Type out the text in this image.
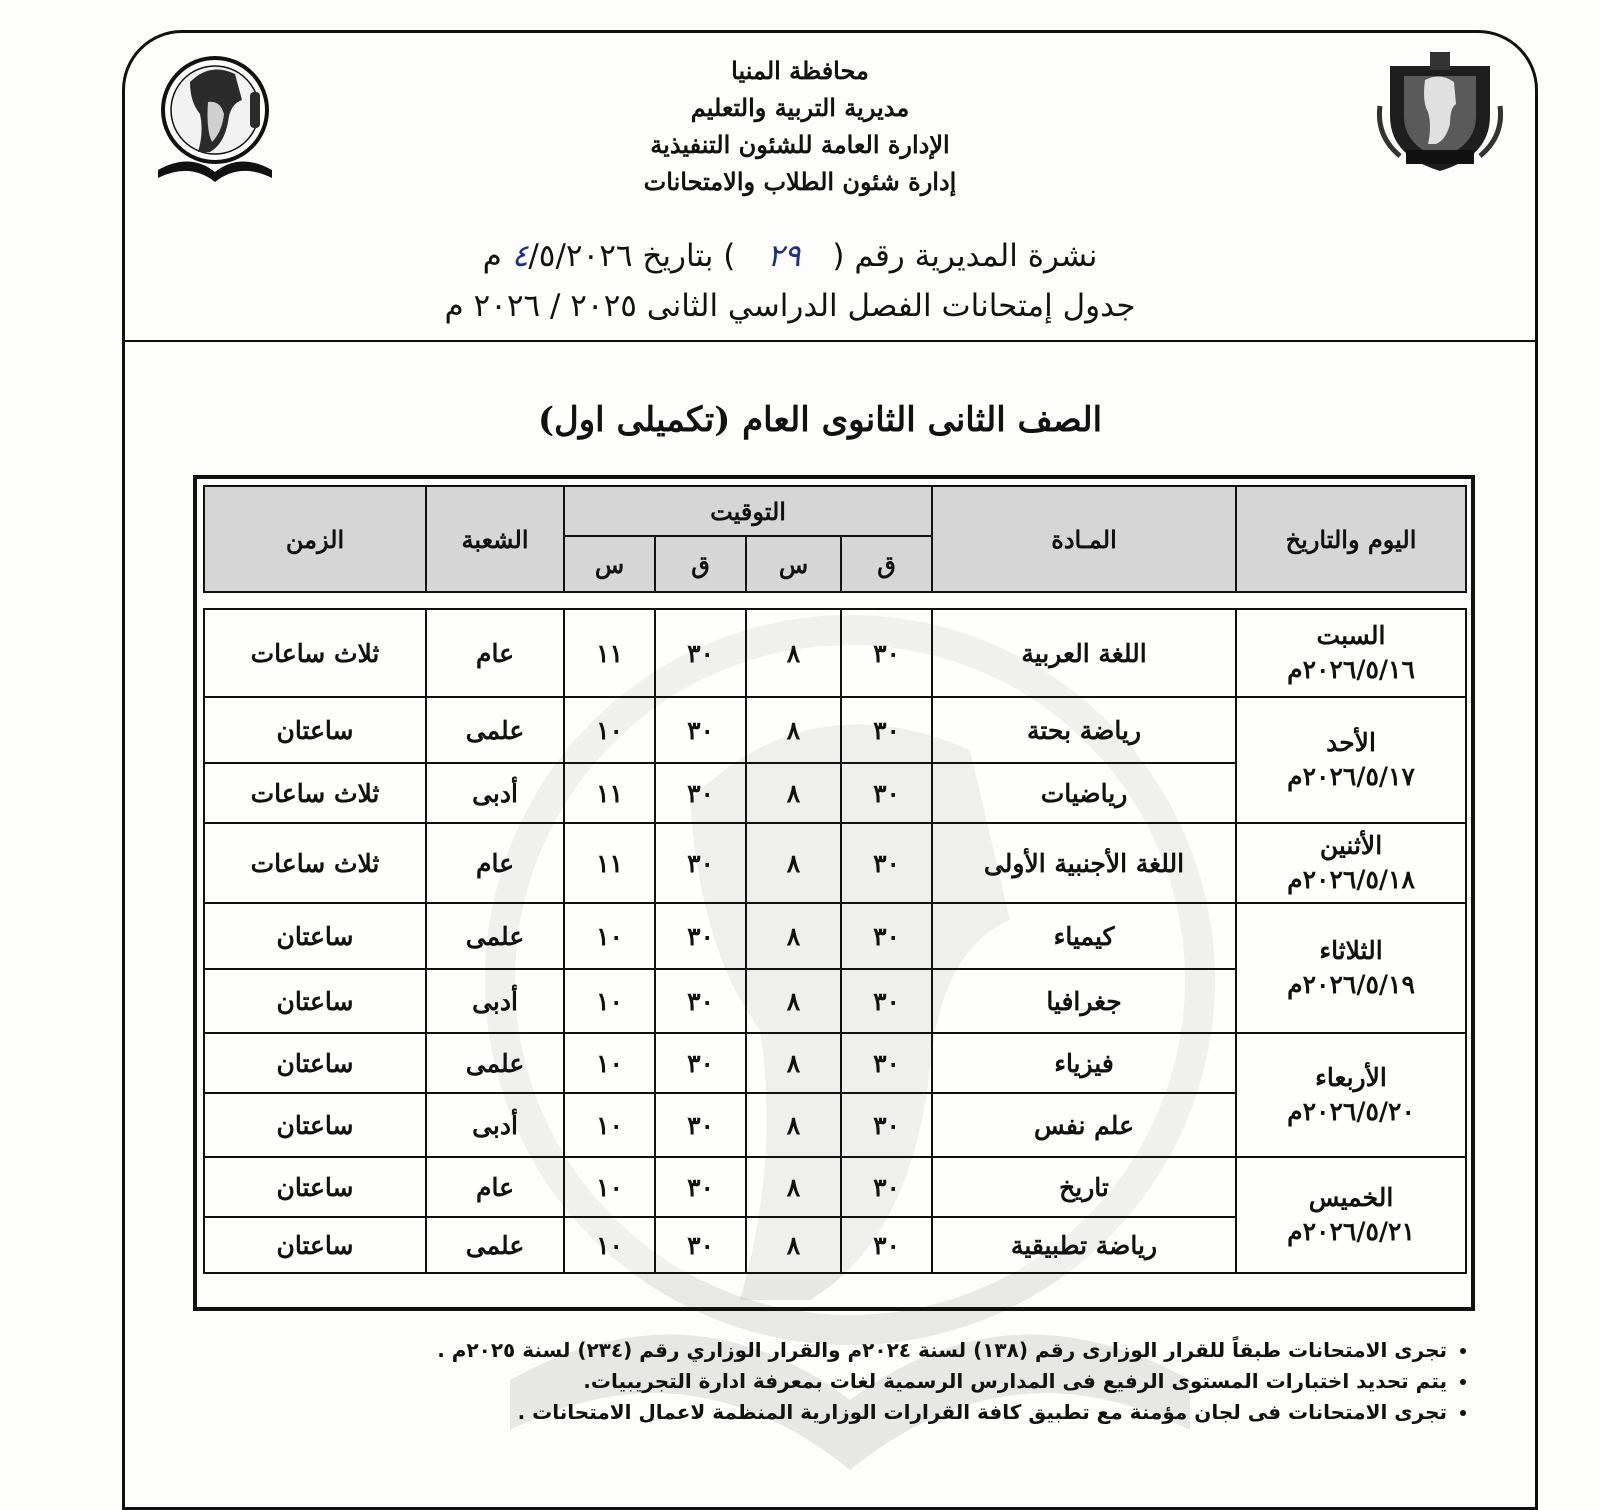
محافظة المنيا
مديرية التربية والتعليم
الإدارة العامة للشئون التنفيذية
إدارة شئون الطلاب والامتحانات
نشرة المديرية رقم ( ٢٩ ) بتاريخ ٤/٥/٢٠٢٦ م
جدول إمتحانات الفصل الدراسي الثانى ٢٠٢٥ / ٢٠٢٦ م
الصف الثانى الثانوى العام (تكميلى اول)
اليوم والتاريخ	المـادة	التوقيت				الشعبة	الزمن
		ق	س	ق	س		
السبت
٢٠٢٦/٥/١٦م	اللغة العربية	٣٠	٨	٣٠	١١	عام	ثلاث ساعات

الأحد
٢٠٢٦/٥/١٧م	رياضة بحتة	٣٠	٨	٣٠	١٠	علمى	ساعتان
	رياضيات	٣٠	٨	٣٠	١١	أدبى	ثلاث ساعات

الأثنين
٢٠٢٦/٥/١٨م	اللغة الأجنبية الأولى	٣٠	٨	٣٠	١١	عام	ثلاث ساعات

الثلاثاء
٢٠٢٦/٥/١٩م	كيمياء	٣٠	٨	٣٠	١٠	علمى	ساعتان
	جغرافيا	٣٠	٨	٣٠	١٠	أدبى	ساعتان

الأربعاء
٢٠٢٦/٥/٢٠م	فيزياء	٣٠	٨	٣٠	١٠	علمى	ساعتان
	علم نفس	٣٠	٨	٣٠	١٠	أدبى	ساعتان

الخميس
٢٠٢٦/٥/٢١م	تاريخ	٣٠	٨	٣٠	١٠	عام	ساعتان
	رياضة تطبيقية	٣٠	٨	٣٠	١٠	علمى	ساعتان
• تجرى الامتحانات طبقاً للقرار الوزارى رقم (١٣٨) لسنة ٢٠٢٤م والقرار الوزاري رقم (٢٣٤) لسنة ٢٠٢٥م .
• يتم تحديد اختبارات المستوى الرفيع فى المدارس الرسمية لغات بمعرفة ادارة التجريبيات.
• تجرى الامتحانات فى لجان مؤمنة مع تطبيق كافة القرارات الوزارية المنظمة لاعمال الامتحانات .
